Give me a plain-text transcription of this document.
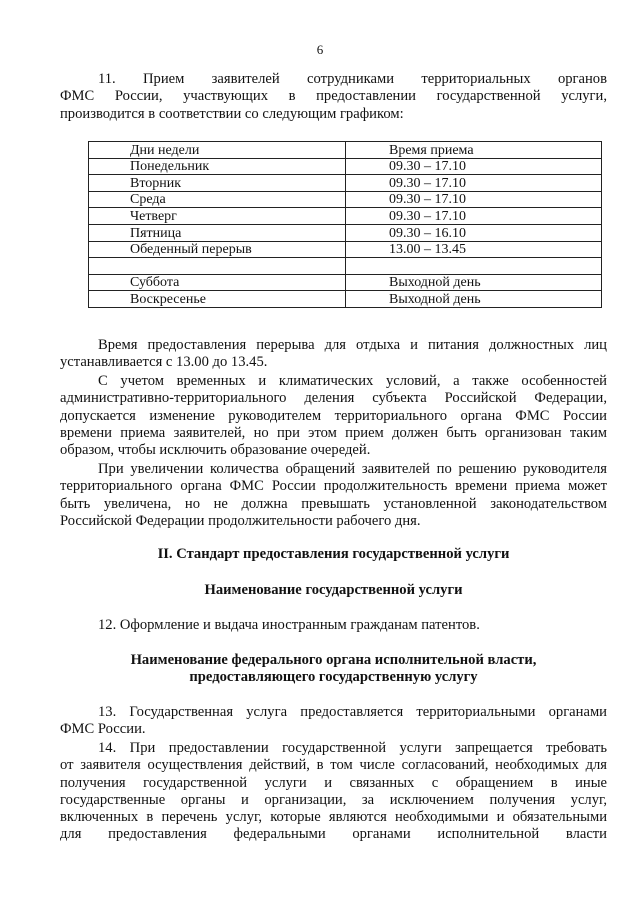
6
11. Прием заявителей сотрудниками территориальных органов
ФМС России, участвующих в предоставлении государственной услуги,
производится в соответствии со следующим графиком:
Дни недели	Время приема
Понедельник	09.30 – 17.10
Вторник	09.30 – 17.10
Среда	09.30 – 17.10
Четверг	09.30 – 17.10
Пятница	09.30 – 16.10
Обеденный перерыв	13.00 – 13.45

Суббота	Выходной день
Воскресенье	Выходной день
Время предоставления перерыва для отдыха и питания должностных лиц
устанавливается с 13.00 до 13.45.
С учетом временных и климатических условий, а также особенностей
административно-территориального деления субъекта Российской Федерации,
допускается изменение руководителем территориального органа ФМС России
времени приема заявителей, но при этом прием должен быть организован таким
образом, чтобы исключить образование очередей.
При увеличении количества обращений заявителей по решению руководителя
территориального органа ФМС России продолжительность времени приема может
быть увеличена, но не должна превышать установленной законодательством
Российской Федерации продолжительности рабочего дня.
II. Стандарт предоставления государственной услуги
Наименование государственной услуги
12. Оформление и выдача иностранным гражданам патентов.
Наименование федерального органа исполнительной власти,
предоставляющего государственную услугу
13. Государственная услуга предоставляется территориальными органами
ФМС России.
14. При предоставлении государственной услуги запрещается требовать
от заявителя осуществления действий, в том числе согласований, необходимых для
получения государственной услуги и связанных с обращением в иные
государственные органы и организации, за исключением получения услуг,
включенных в перечень услуг, которые являются необходимыми и обязательными
для предоставления федеральными органами исполнительной власти
